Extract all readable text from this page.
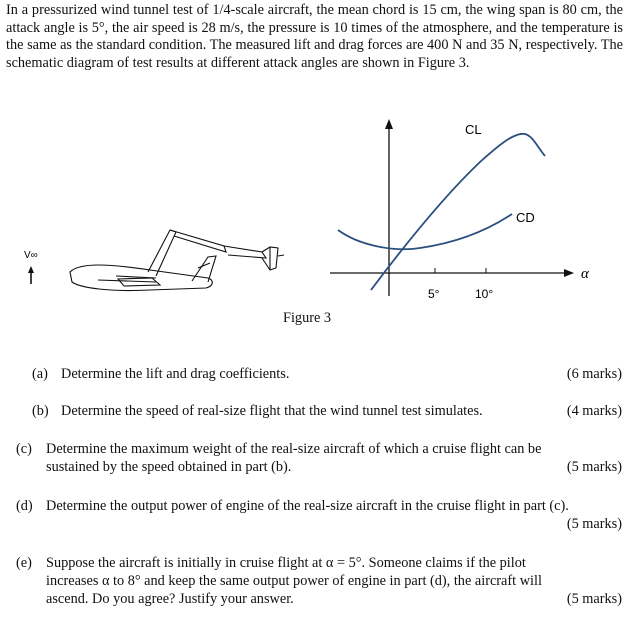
In a pressurized wind tunnel test of 1/4-scale aircraft, the mean chord is 15 cm, the wing span is 80 cm, the attack angle is 5°, the air speed is 28 m/s, the pressure is 10 times of the atmosphere, and the temperature is the same as the standard condition. The measured lift and drag forces are 400 N and 35 N, respectively. The schematic diagram of test results at different attack angles are shown in Figure 3.
V∞
CL
CD
α
5°	10°
Figure 3
(a) Determine the lift and drag coefficients.	(6 marks)
(b) Determine the speed of real-size flight that the wind tunnel test simulates.	(4 marks)
(c) Determine the maximum weight of the real-size aircraft of which a cruise flight can be
sustained by the speed obtained in part (b).	(5 marks)
(d) Determine the output power of engine of the real-size aircraft in the cruise flight in part (c).
(5 marks)
(e) Suppose the aircraft is initially in cruise flight at α = 5°. Someone claims if the pilot
increases α to 8° and keep the same output power of engine in part (d), the aircraft will
ascend. Do you agree? Justify your answer.	(5 marks)
